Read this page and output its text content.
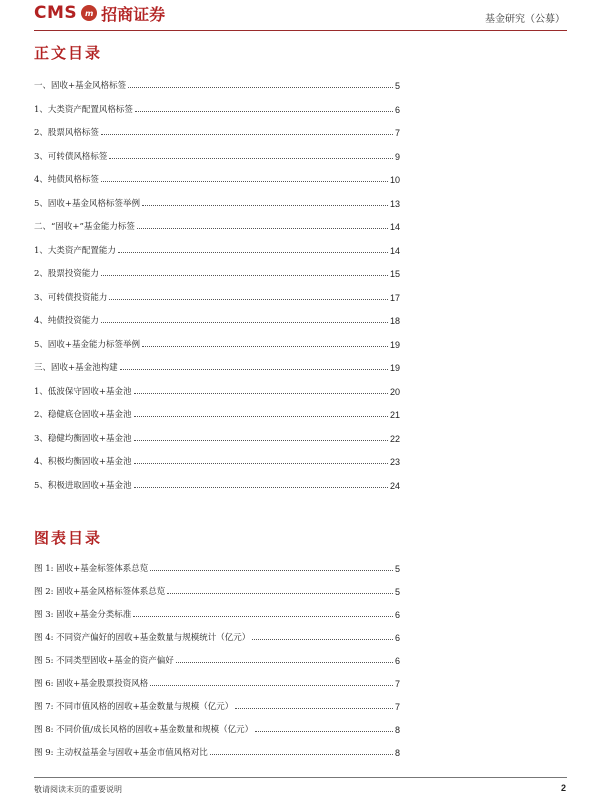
CMS m 招商证券	基金研究（公募）
正文目录
一、固收+基金风格标签	5
1、大类资产配置风格标签	6
2、股票风格标签	7
3、可转债风格标签	9
4、纯债风格标签	10
5、固收+基金风格标签举例	13
二、“固收+”基金能力标签	14
1、大类资产配置能力	14
2、股票投资能力	15
3、可转债投资能力	17
4、纯债投资能力	18
5、固收+基金能力标签举例	19
三、固收+基金池构建	19
1、低波保守固收+基金池	20
2、稳健底仓固收+基金池	21
3、稳健均衡固收+基金池	22
4、积极均衡固收+基金池	23
5、积极进取固收+基金池	24
图表目录
图 1: 固收+基金标签体系总览	5
图 2: 固收+基金风格标签体系总览	5
图 3: 固收+基金分类标准	6
图 4: 不同资产偏好的固收+基金数量与规模统计（亿元）	6
图 5: 不同类型固收+基金的资产偏好	6
图 6: 固收+基金股票投资风格	7
图 7: 不同市值风格的固收+基金数量与规模（亿元）	7
图 8: 不同价值/成长风格的固收+基金数量和规模（亿元）	8
图 9: 主动权益基金与固收+基金市值风格对比	8
敬请阅读末页的重要说明	2
